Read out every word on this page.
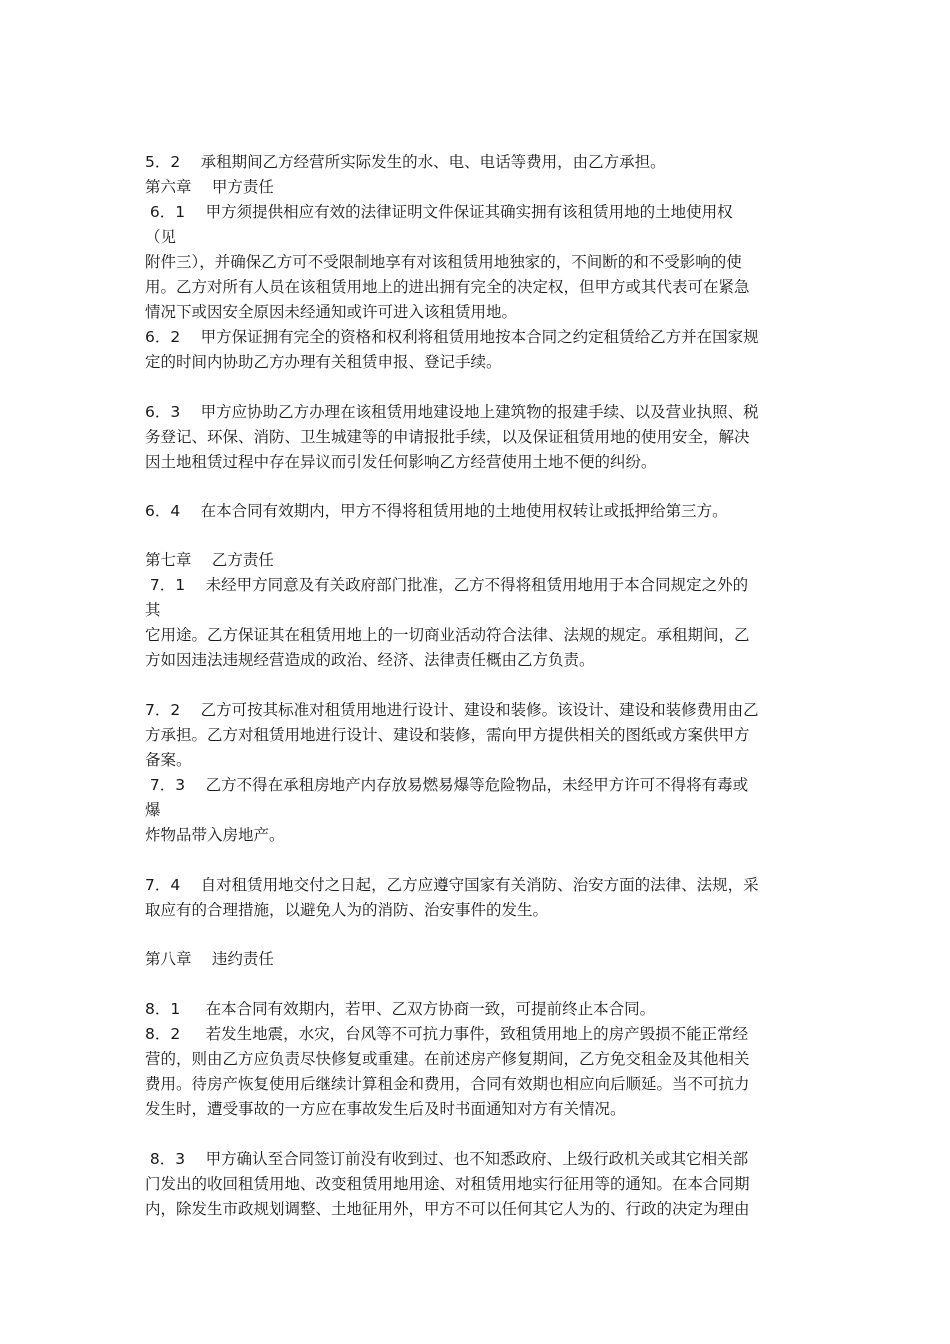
5．2　 承租期间乙方经营所实际发生的水、电、电话等费用，由乙方承担。
第六章　 甲方责任
6．1　 甲方须提供相应有效的法律证明文件保证其确实拥有该租赁用地的土地使用权
（见
附件三），并确保乙方可不受限制地享有对该租赁用地独家的，不间断的和不受影响的使
用。乙方对所有人员在该租赁用地上的进出拥有完全的决定权，但甲方或其代表可在紧急
情况下或因安全原因未经通知或许可进入该租赁用地。
6．2　 甲方保证拥有完全的资格和权利将租赁用地按本合同之约定租赁给乙方并在国家规
定的时间内协助乙方办理有关租赁申报、登记手续。
6．3　 甲方应协助乙方办理在该租赁用地建设地上建筑物的报建手续、以及营业执照、税
务登记、环保、消防、卫生城建等的申请报批手续，以及保证租赁用地的使用安全，解决
因土地租赁过程中存在异议而引发任何影响乙方经营使用土地不便的纠纷。
6．4　 在本合同有效期内，甲方不得将租赁用地的土地使用权转让或抵押给第三方。
第七章　 乙方责任
7．1　 未经甲方同意及有关政府部门批准，乙方不得将租赁用地用于本合同规定之外的
其
它用途。乙方保证其在租赁用地上的一切商业活动符合法律、法规的规定。承租期间，乙
方如因违法违规经营造成的政治、经济、法律责任概由乙方负责。
7．2　 乙方可按其标准对租赁用地进行设计、建设和装修。该设计、建设和装修费用由乙
方承担。乙方对租赁用地进行设计、建设和装修，需向甲方提供相关的图纸或方案供甲方
备案。
7．3　 乙方不得在承租房地产内存放易燃易爆等危险物品，未经甲方许可不得将有毒或
爆
炸物品带入房地产。
7．4　 自对租赁用地交付之日起，乙方应遵守国家有关消防、治安方面的法律、法规，采
取应有的合理措施，以避免人为的消防、治安事件的发生。
第八章　 违约责任
8．1　  在本合同有效期内，若甲、乙双方协商一致，可提前终止本合同。
8．2　  若发生地震，水灾，台风等不可抗力事件，致租赁用地上的房产毁损不能正常经
营的，则由乙方应负责尽快修复或重建。在前述房产修复期间，乙方免交租金及其他相关
费用。待房产恢复使用后继续计算租金和费用，合同有效期也相应向后顺延。当不可抗力
发生时，遭受事故的一方应在事故发生后及时书面通知对方有关情况。
8．3　 甲方确认至合同签订前没有收到过、也不知悉政府、上级行政机关或其它相关部
门发出的收回租赁用地、改变租赁用地用途、对租赁用地实行征用等的通知。在本合同期
内，除发生市政规划调整、土地征用外，甲方不可以任何其它人为的、行政的决定为理由
